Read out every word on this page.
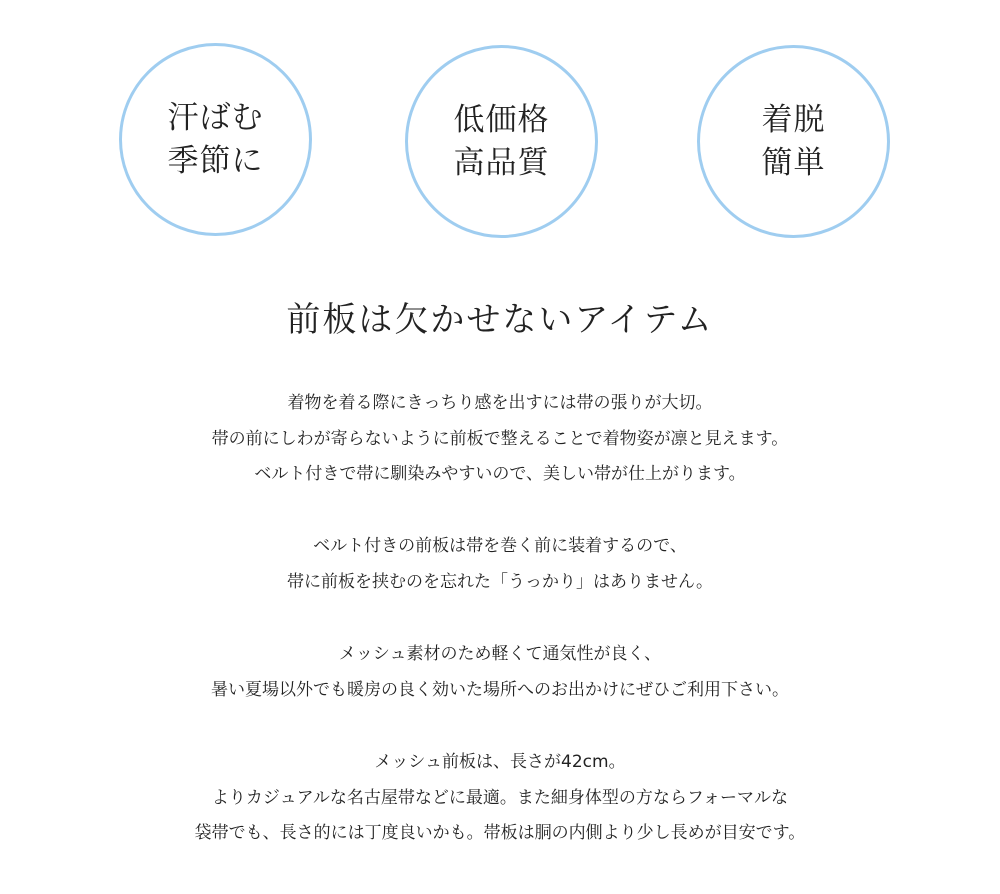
汗ばむ
季節に
低価格
高品質
着脱
簡単
前板は欠かせないアイテム
着物を着る際にきっちり感を出すには帯の張りが大切。
帯の前にしわが寄らないように前板で整えることで着物姿が凛と見えます。
ベルト付きで帯に馴染みやすいので、美しい帯が仕上がります。
ベルト付きの前板は帯を巻く前に装着するので、
帯に前板を挟むのを忘れた「うっかり」はありません。
メッシュ素材のため軽くて通気性が良く、
暑い夏場以外でも暖房の良く効いた場所へのお出かけにぜひご利用下さい。
メッシュ前板は、長さが42cm。
よりカジュアルな名古屋帯などに最適。また細身体型の方ならフォーマルな
袋帯でも、長さ的には丁度良いかも。帯板は胴の内側より少し長めが目安です。
